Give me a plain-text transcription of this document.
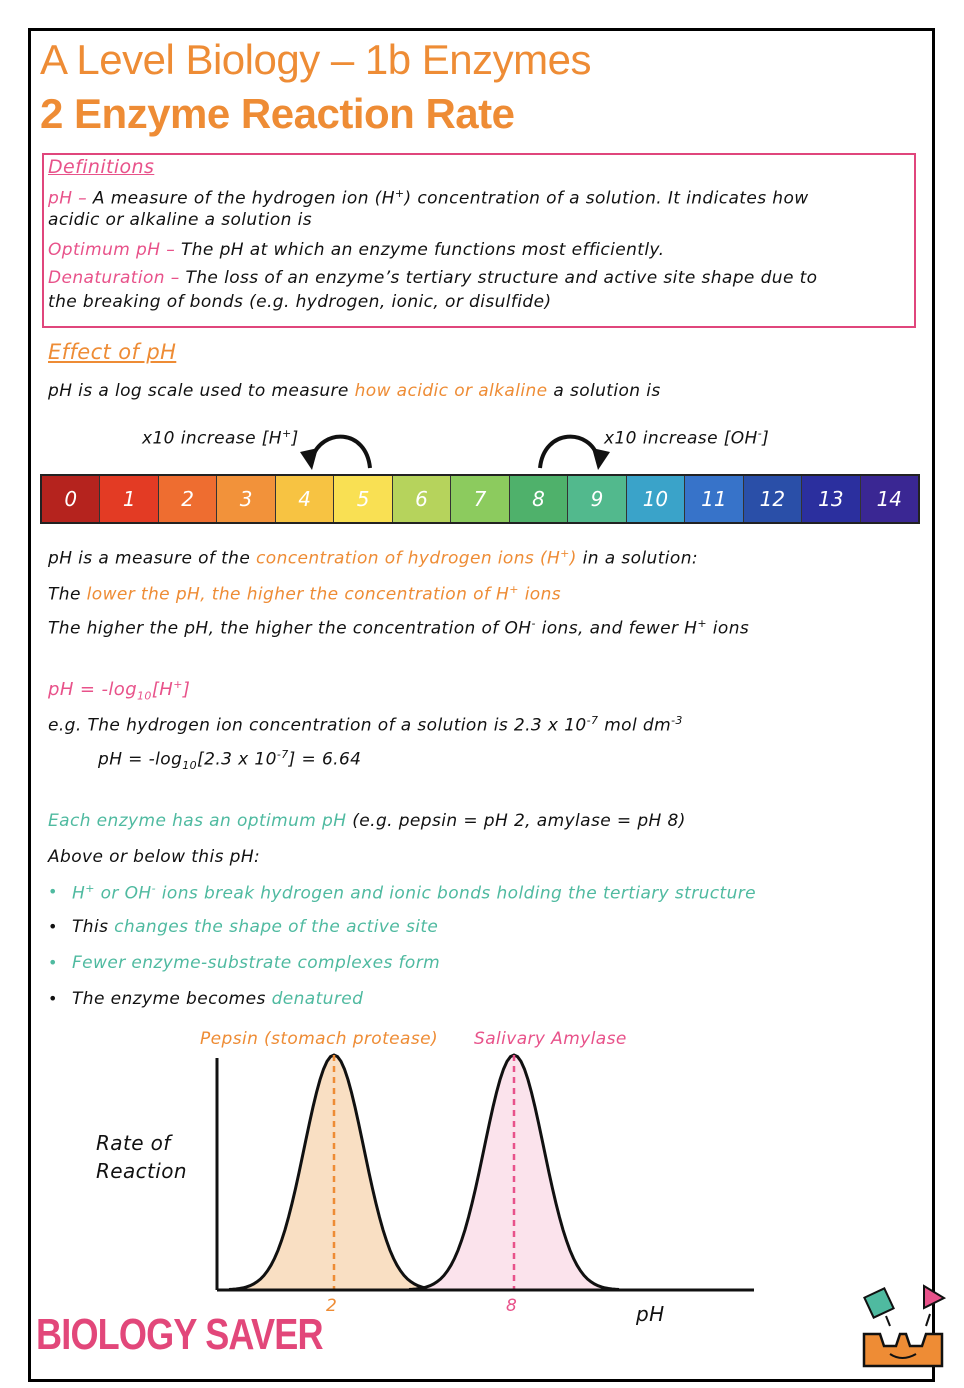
A Level Biology – 1b Enzymes
2 Enzyme Reaction Rate
Definitions
pH – A measure of the hydrogen ion (H+) concentration of a solution. It indicates how
acidic or alkaline a solution is
Optimum pH – The pH at which an enzyme functions most efficiently.
Denaturation – The loss of an enzyme’s tertiary structure and active site shape due to
the breaking of bonds (e.g. hydrogen, ionic, or disulfide)
Effect of pH
pH is a log scale used to measure how acidic or alkaline a solution is
x10 increase [H+]	x10 increase [OH-]
0	1	2	3	4	5	6	7	8	9	10	11	12	13	14
pH is a measure of the concentration of hydrogen ions (H+) in a solution:
The lower the pH, the higher the concentration of H+ ions
The higher the pH, the higher the concentration of OH- ions, and fewer H+ ions
pH = $-\log_{10}[H^+]$
e.g. The hydrogen ion concentration of a solution is 2.3 x $10^{-7}$ mol $dm^{-3}$
pH = $-\log_{10}[2.3$ x $10^{-7}] = 6.64$
Each enzyme has an optimum pH (e.g. pepsin = pH 2, amylase = pH 8)
Above or below this pH:
• H+ or OH- ions break hydrogen and ionic bonds holding the tertiary structure
• This changes the shape of the active site
• Fewer enzyme-substrate complexes form
• The enzyme becomes denatured
Pepsin (stomach protease) Salivary Amylase
Rate of Reaction
2	8	pH
BIOLOGY SAVER
